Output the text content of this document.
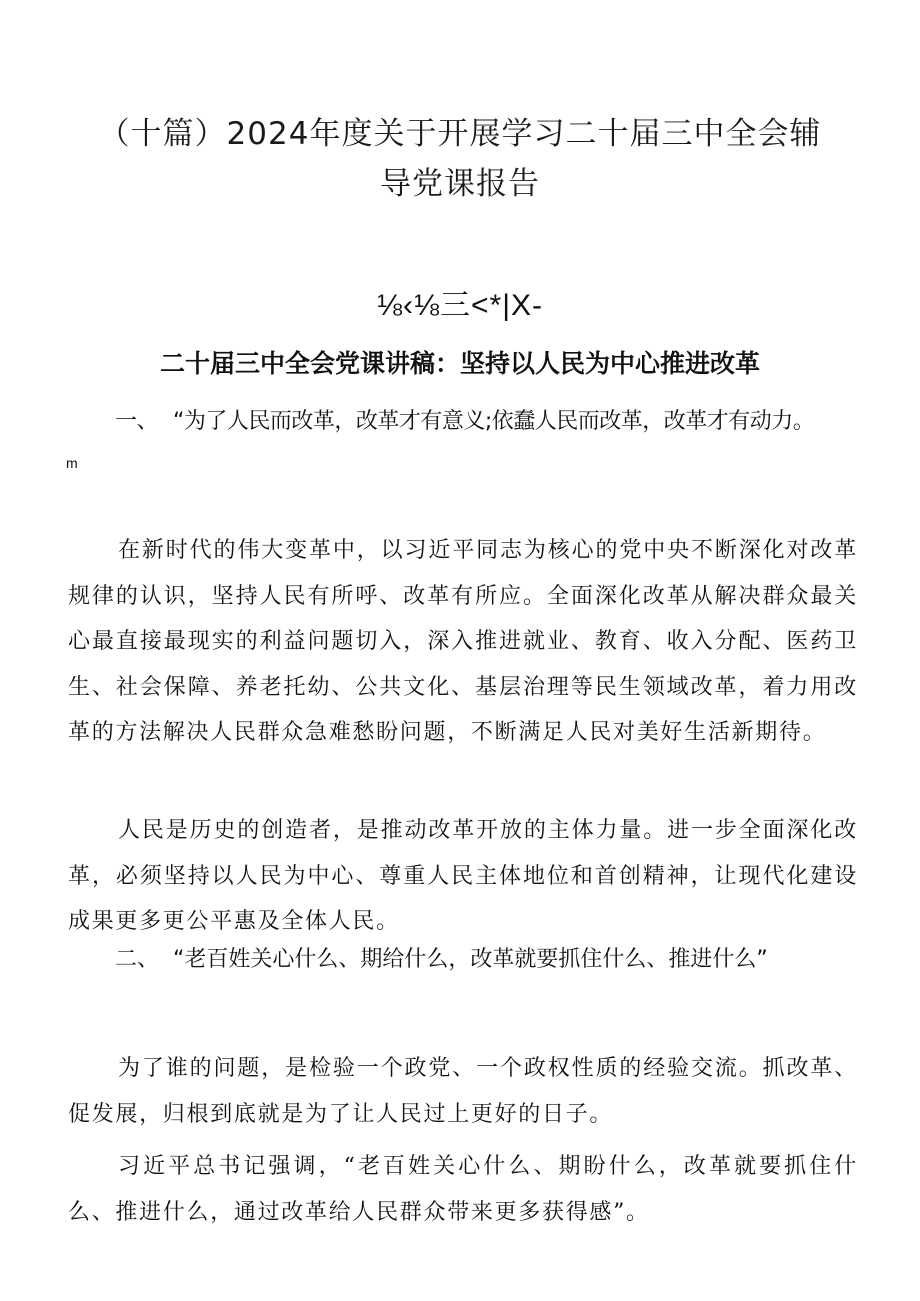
（十篇）2024年度关于开展学习二十届三中全会辅
导党课报告
⅛‹⅛三<*|X-
二十届三中全会党课讲稿：坚持以人民为中心推进改革
一、 “为了人民而改革，改革才有意义;依蠢人民而改革，改革才有动力。
m

在新时代的伟大变革中，以习近平同志为核心的党中央不断深化对改革规律的认识，坚持人民有所呼、改革有所应。全面深化改革从解决群众最关心最直接最现实的利益问题切入，深入推进就业、教育、收入分配、医药卫生、社会保障、养老托幼、公共文化、基层治理等民生领域改革，着力用改革的方法解决人民群众急难愁盼问题，不断满足人民对美好生活新期待。

人民是历史的创造者，是推动改革开放的主体力量。进一步全面深化改革，必须坚持以人民为中心、尊重人民主体地位和首创精神，让现代化建设成果更多更公平惠及全体人民。

二、 “老百姓关心什么、期给什么，改革就要抓住什么、推进什么”

为了谁的问题，是检验一个政党、一个政权性质的经验交流。抓改革、促发展，归根到底就是为了让人民过上更好的日子。

习近平总书记强调，“老百姓关心什么、期盼什么，改革就要抓住什么、推进什么，通过改革给人民群众带来更多获得感”。
